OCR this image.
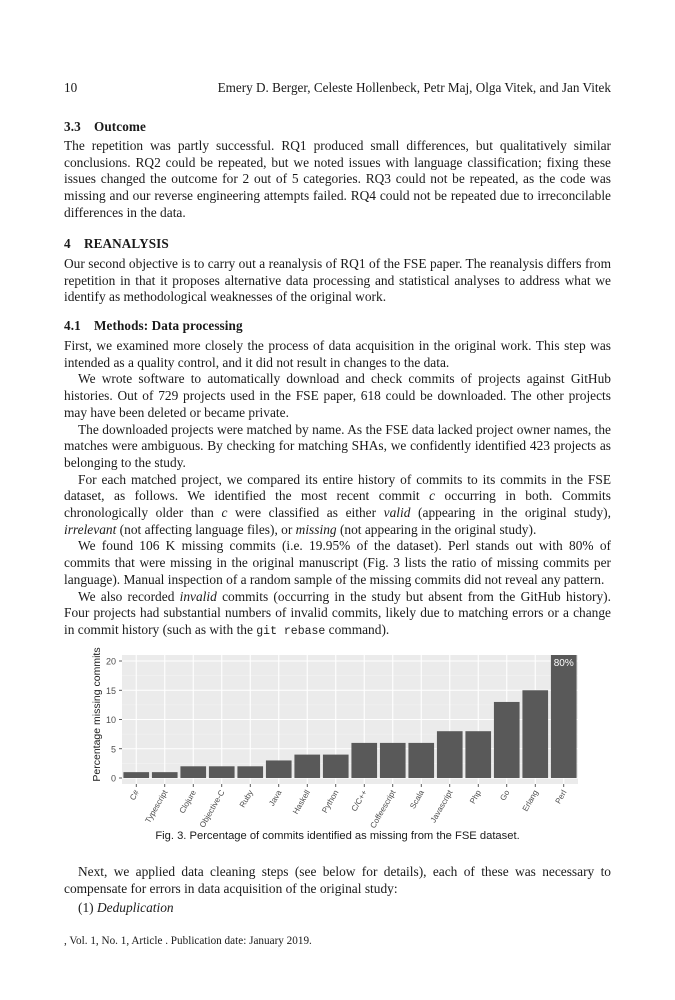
10	Emery D. Berger, Celeste Hollenbeck, Petr Maj, Olga Vitek, and Jan Vitek
3.3 Outcome

The repetition was partly successful. RQ1 produced small differences, but qualitatively similar conclusions. RQ2 could be repeated, but we noted issues with language classification; fixing these issues changed the outcome for 2 out of 5 categories. RQ3 could not be repeated, as the code was missing and our reverse engineering attempts failed. RQ4 could not be repeated due to irreconcilable differences in the data.

4 REANALYSIS

Our second objective is to carry out a reanalysis of RQ1 of the FSE paper. The reanalysis differs from repetition in that it proposes alternative data processing and statistical analyses to address what we identify as methodological weaknesses of the original work.

4.1 Methods: Data processing

First, we examined more closely the process of data acquisition in the original work. This step was intended as a quality control, and it did not result in changes to the data.

We wrote software to automatically download and check commits of projects against GitHub histories. Out of 729 projects used in the FSE paper, 618 could be downloaded. The other projects may have been deleted or became private.

The downloaded projects were matched by name. As the FSE data lacked project owner names, the matches were ambiguous. By checking for matching SHAs, we confidently identified 423 projects as belonging to the study.

For each matched project, we compared its entire history of commits to its commits in the FSE dataset, as follows. We identified the most recent commit c occurring in both. Commits chronologically older than c were classified as either valid (appearing in the original study), irrelevant (not affecting language files), or missing (not appearing in the original study).

We found 106 K missing commits (i.e. 19.95% of the dataset). Perl stands out with 80% of commits that were missing in the original manuscript (Fig. 3 lists the ratio of missing commits per language). Manual inspection of a random sample of the missing commits did not reveal any pattern.

We also recorded invalid commits (occurring in the study but absent from the GitHub history). Four projects had substantial numbers of invalid commits, likely due to matching errors or a change in commit history (such as with the git rebase command).

0
5
10
15
20
C# Typescript Clojure Objective-C Ruby Java Haskell Python C/C++ Coffeescript Scala Javascript Php Go Erlang Perl
80%
Percentage missing commits
Fig. 3. Percentage of commits identified as missing from the FSE dataset.

Next, we applied data cleaning steps (see below for details), each of these was necessary to compensate for errors in data acquisition of the original study:

(1) Deduplication

, Vol. 1, No. 1, Article . Publication date: January 2019.
